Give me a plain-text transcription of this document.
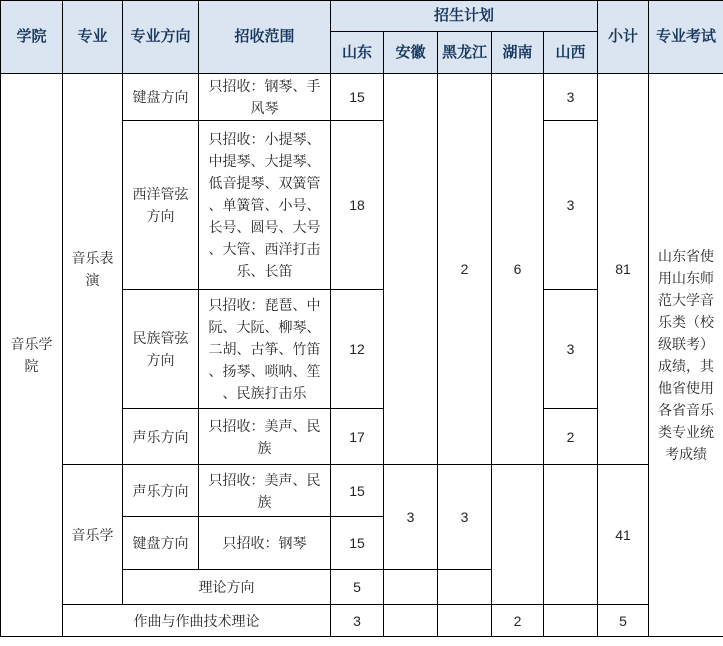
学院	专业	专业方向	招收范围	招生计划					小计	专业考试
				山东	安徽	黑龙江	湖南	山西		
音乐学院	音乐表演	键盘方向	只招收：钢琴、手风琴	15		2	6	3	81	山东省使用山东师范大学音乐类（校级联考）成绩，其他省使用各省音乐类专业统考成绩
		西洋管弦方向	只招收：小提琴、中提琴、大提琴、低音提琴、双簧管、单簧管、小号、长号、圆号、大号、大管、西洋打击乐、长笛	18				3		
		民族管弦方向	只招收：琵琶、中阮、大阮、柳琴、二胡、古筝、竹笛、扬琴、唢呐、笙、民族打击乐	12				3		
		声乐方向	只招收：美声、民族	17				2		
	音乐学	声乐方向	只招收：美声、民族	15	3	3			41	
		键盘方向	只招收：钢琴	15						
		理论方向		5						
	作曲与作曲技术理论			3			2		5	
